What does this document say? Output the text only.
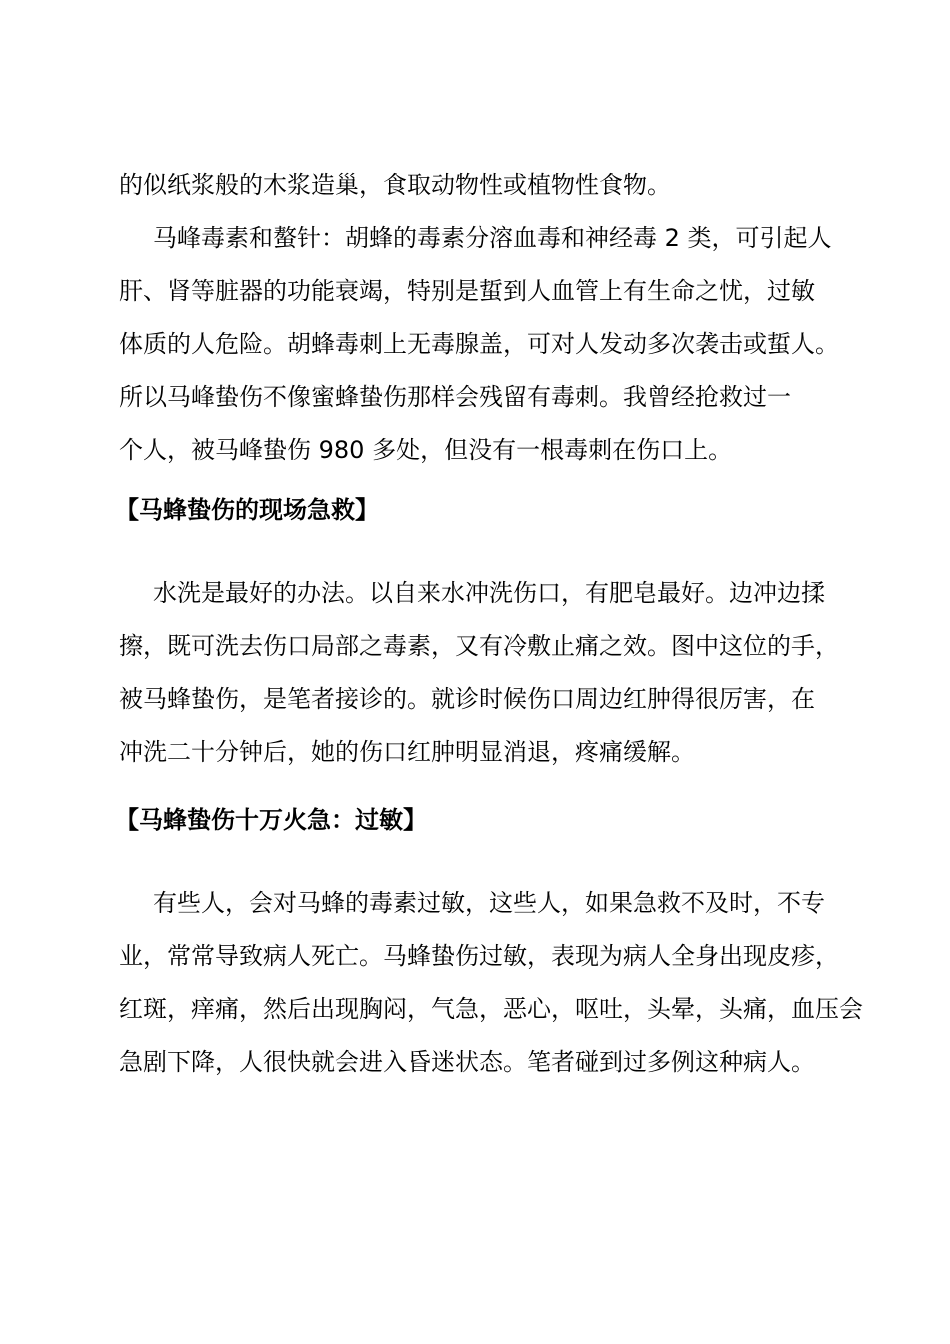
的似纸浆般的木浆造巢，食取动物性或植物性食物。
马峰毒素和螯针：胡蜂的毒素分溶血毒和神经毒 2 类，可引起人
肝、肾等脏器的功能衰竭，特别是蜇到人血管上有生命之忧，过敏
体质的人危险。胡蜂毒刺上无毒腺盖，可对人发动多次袭击或蜇人。
所以马峰蛰伤不像蜜蜂蛰伤那样会残留有毒刺。我曾经抢救过一
个人，被马峰蛰伤 980 多处，但没有一根毒刺在伤口上。
【马蜂蛰伤的现场急救】
水洗是最好的办法。以自来水冲洗伤口，有肥皂最好。边冲边揉
擦，既可洗去伤口局部之毒素，又有冷敷止痛之效。图中这位的手，
被马蜂蛰伤，是笔者接诊的。就诊时候伤口周边红肿得很厉害，在
冲洗二十分钟后，她的伤口红肿明显消退，疼痛缓解。
【马蜂蛰伤十万火急：过敏】
有些人，会对马蜂的毒素过敏，这些人，如果急救不及时，不专
业，常常导致病人死亡。马蜂蛰伤过敏，表现为病人全身出现皮疹，
红斑，痒痛，然后出现胸闷，气急，恶心，呕吐，头晕，头痛，血压会
急剧下降，人很快就会进入昏迷状态。笔者碰到过多例这种病人。
